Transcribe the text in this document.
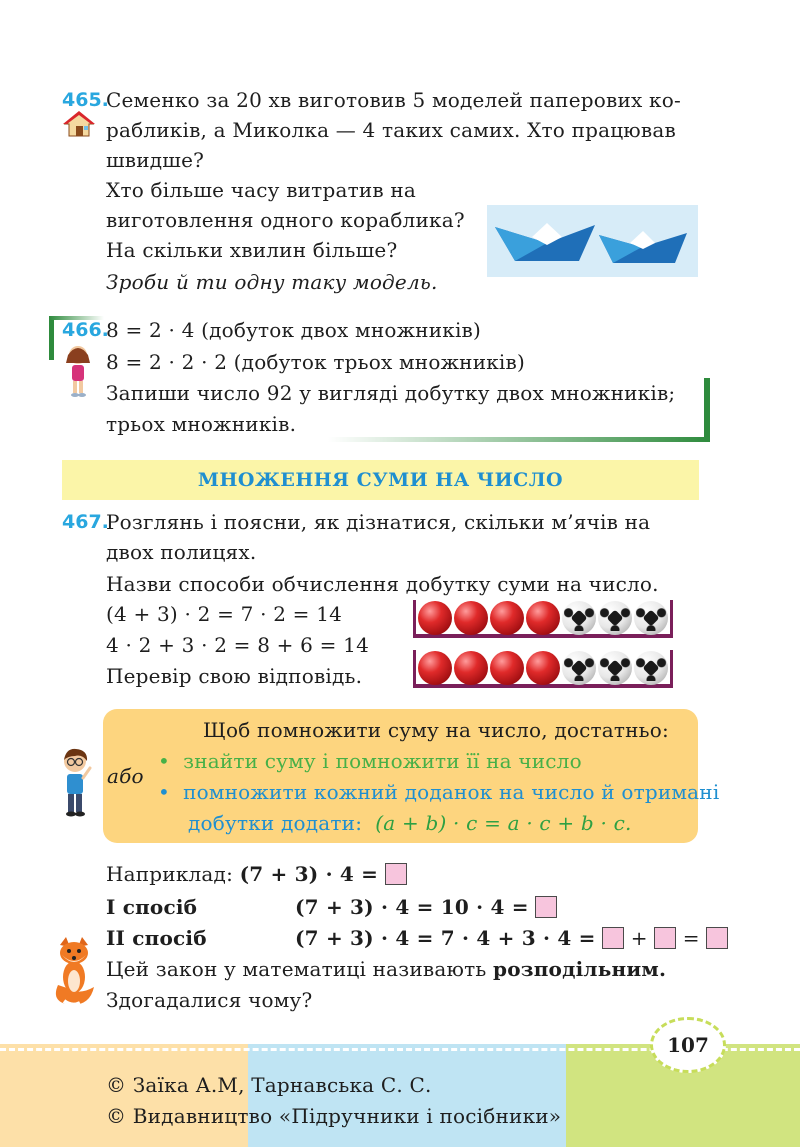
465.
Семенко за 20 хв виготовив 5 моделей паперових ко-
рабликів, а Миколка — 4 таких самих. Хто працював
швидше?
Хто більше часу витратив на
виготовлення одного кораблика?
На скільки хвилин більше?
Зроби й ти одну таку модель.
466.
8 = 2 · 4 (добуток двох множників)
8 = 2 · 2 · 2 (добуток трьох множників)
Запиши число 92 у вигляді добутку двох множників;
трьох множників.
МНОЖЕННЯ СУМИ НА ЧИСЛО
467.
Розглянь і поясни, як дізнатися, скільки м’ячів на
двох полицях.
Назви способи обчислення добутку суми на число.
(4 + 3) · 2 = 7 · 2 = 14
4 · 2 + 3 · 2 = 8 + 6 = 14
Перевір свою відповідь.
Щоб помножити суму на число, достатньо:
або
•  знайти суму і помножити її на число
•  помножити кожний доданок на число й отримані
добутки додати: (a + b) · c = a · c + b · c.
Наприклад: (7 + 3) · 4 =
І спосіб	(7 + 3) · 4 = 10 · 4 =
ІІ спосіб	(7 + 3) · 4 = 7 · 4 + 3 · 4 = + =
Цей закон у математиці називають розподільним.
Здогадалися чому?
107
© Заїка А.М, Тарнавська С. С.
© Видавництво «Підручники і посібники»
